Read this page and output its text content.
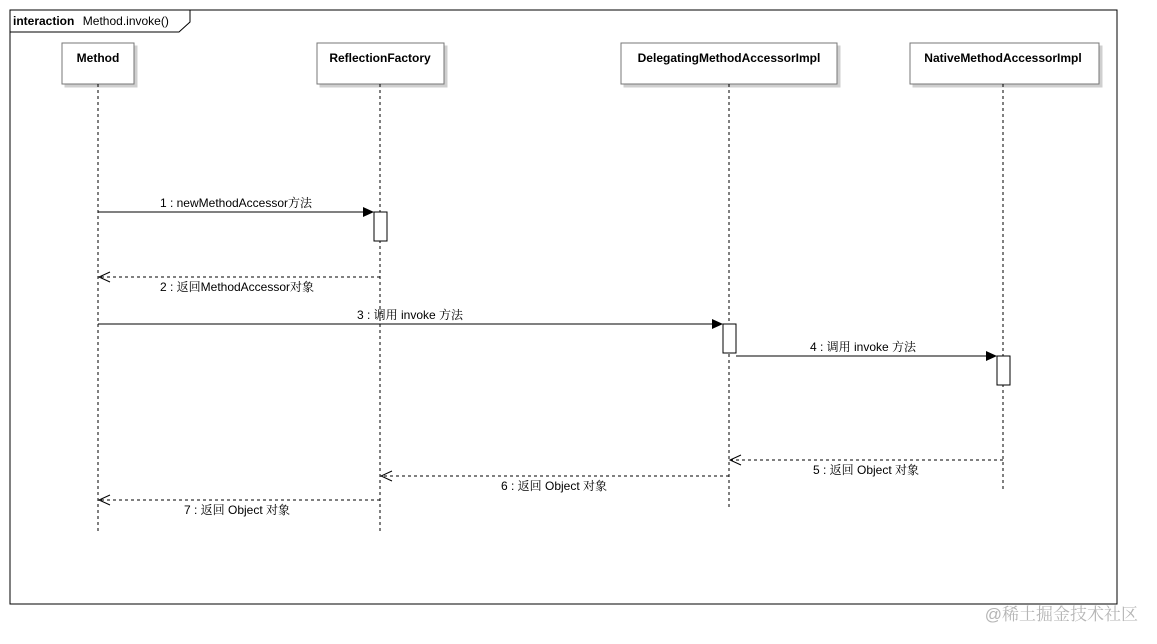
interaction Method.invoke()
Method	ReflectionFactory	DelegatingMethodAccessorImpl	NativeMethodAccessorImpl
1 : newMethodAccessor方法
2 : 返回MethodAccessor对象
3 : 调用 invoke 方法
4 : 调用 invoke 方法
5 : 返回 Object 对象
6 : 返回 Object 对象
7 : 返回 Object 对象
@稀土掘金技术社区
